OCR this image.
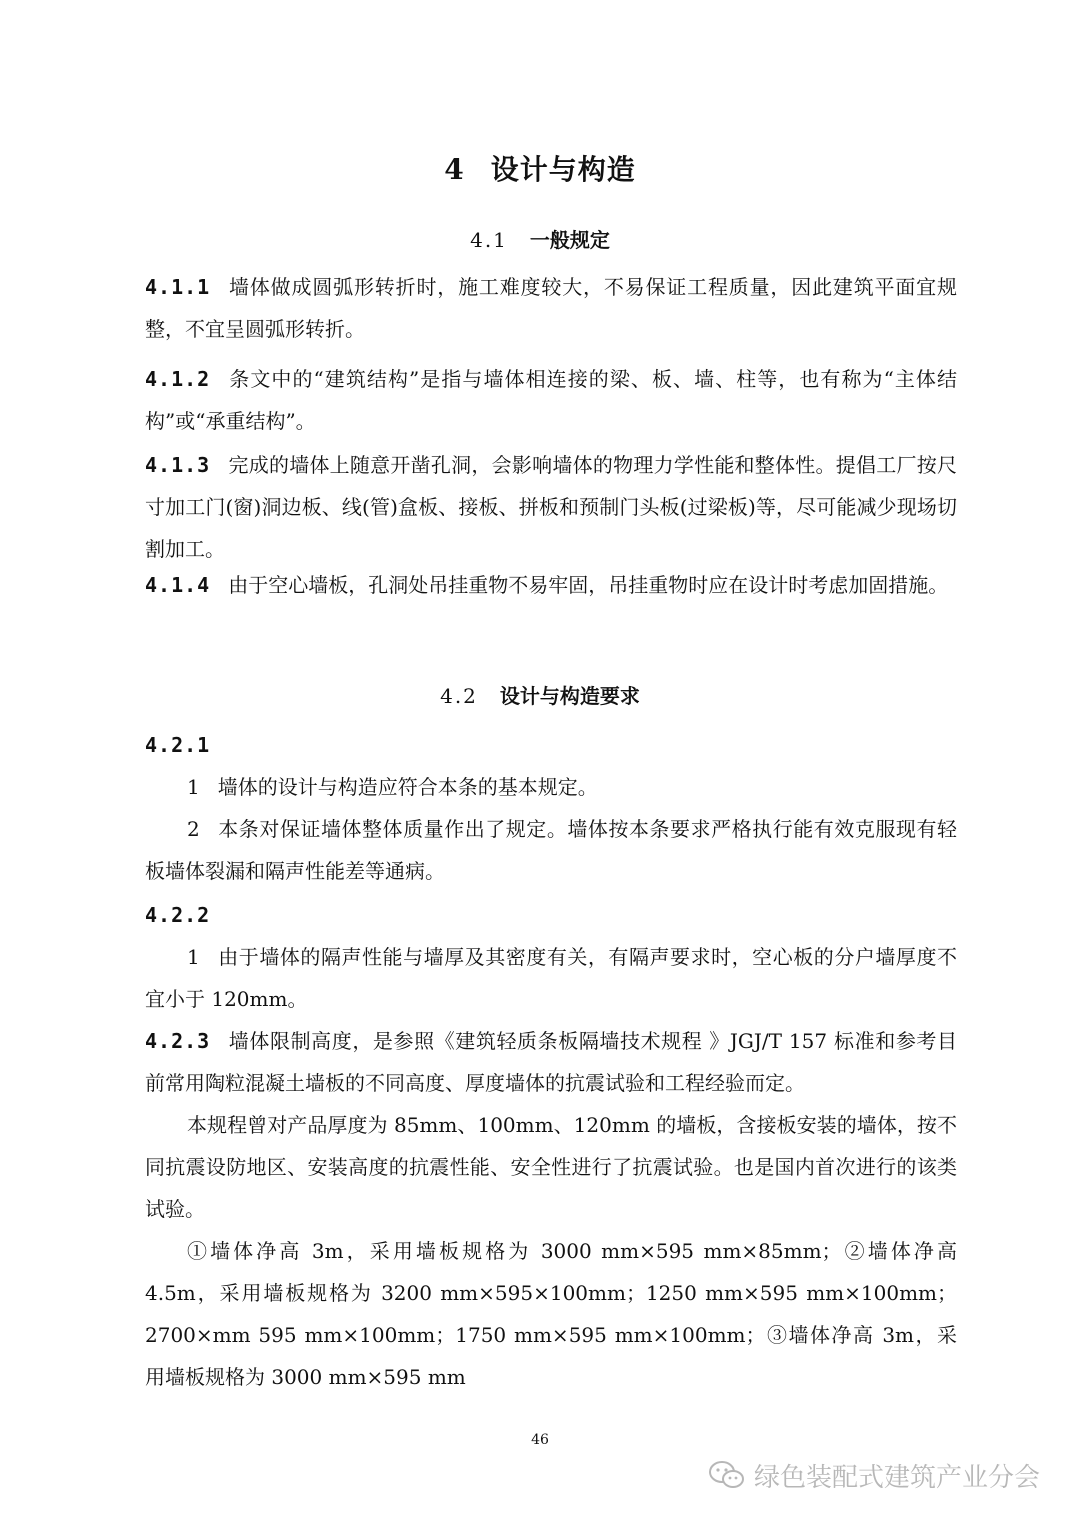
4 设计与构造
4.1 一般规定
4.1.1 墙体做成圆弧形转折时，施工难度较大，不易保证工程质量，因此建筑平面宜规整，不宜呈圆弧形转折。
4.1.2 条文中的“建筑结构”是指与墙体相连接的梁、板、墙、柱等，也有称为“主体结构”或“承重结构”。
4.1.3 完成的墙体上随意开凿孔洞，会影响墙体的物理力学性能和整体性。提倡工厂按尺寸加工门(窗)洞边板、线(管)盒板、接板、拼板和预制门头板(过梁板)等，尽可能减少现场切割加工。
4.1.4 由于空心墙板，孔洞处吊挂重物不易牢固，吊挂重物时应在设计时考虑加固措施。
4.2 设计与构造要求
4.2.1
1 墙体的设计与构造应符合本条的基本规定。
2 本条对保证墙体整体质量作出了规定。墙体按本条要求严格执行能有效克服现有轻板墙体裂漏和隔声性能差等通病。
4.2.2
1 由于墙体的隔声性能与墙厚及其密度有关，有隔声要求时，空心板的分户墙厚度不宜小于 120mm。
4.2.3 墙体限制高度，是参照《建筑轻质条板隔墙技术规程 》JGJ/T 157 标准和参考目前常用陶粒混凝土墙板的不同高度、厚度墙体的抗震试验和工程经验而定。
本规程曾对产品厚度为 85mm、100mm、120mm 的墙板，含接板安装的墙体，按不同抗震设防地区、安装高度的抗震性能、安全性进行了抗震试验。也是国内首次进行的该类试验。
①墙体净高 3m，采用墙板规格为 3000 mm×595 mm×85mm；②墙体净高 4.5m，采用墙板规格为 3200 mm×595×100mm；1250 mm×595 mm×100mm；2700×mm 595 mm×100mm；1750 mm×595 mm×100mm；③墙体净高 3m，采用墙板规格为 3000 mm×595 mm
46
绿色装配式建筑产业分会
